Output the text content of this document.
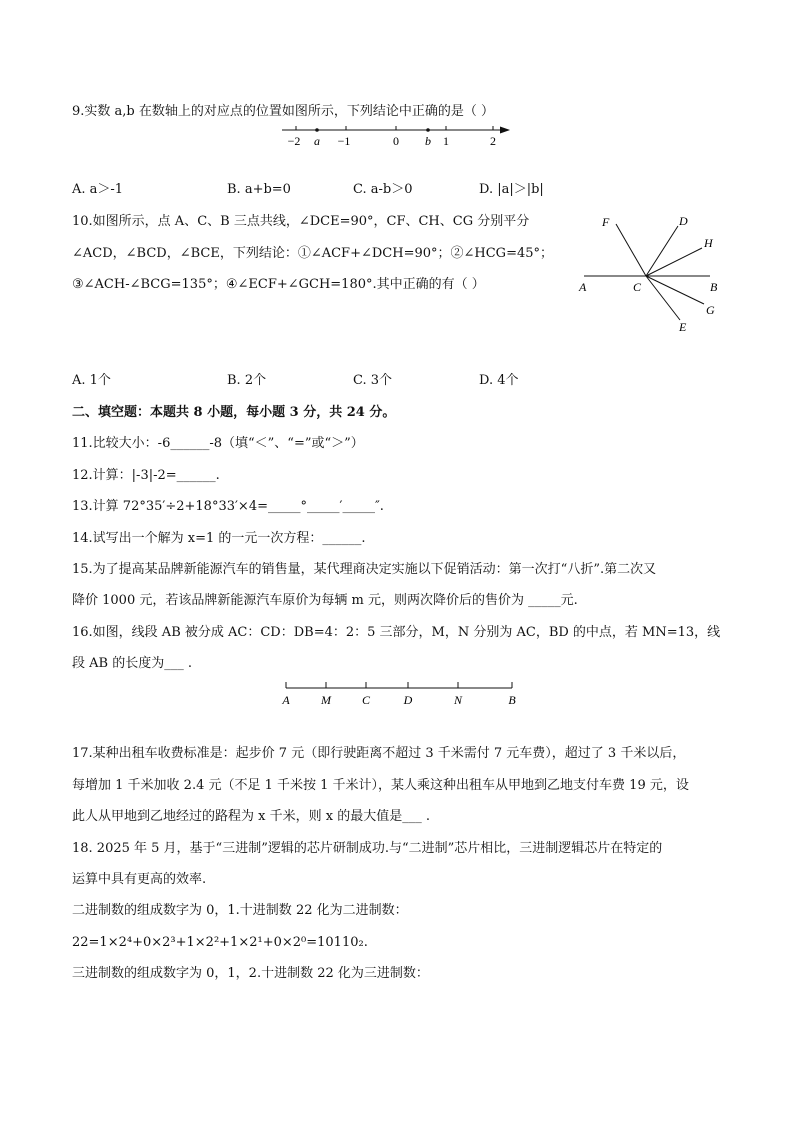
9.实数 a,b 在数轴上的对应点的位置如图所示，下列结论中正确的是（ ）
−2 a −1	0 b 1	2
A. a＞-1	B. a+b=0	C. a-b＞0	D. |a|＞|b|
10.如图所示，点 A、C、B 三点共线，∠DCE=90°，CF、CH、CG 分别平分
∠ACD，∠BCD，∠BCE，下列结论：①∠ACF+∠DCH=90°；②∠HCG=45°；
③∠ACH-∠BCG=135°；④∠ECF+∠GCH=180°.其中正确的有（ ）
F	D
H
A	C	B
G
E
A. 1个	B. 2个	C. 3个	D. 4个
二、填空题：本题共 8 小题，每小题 3 分，共 24 分。
11.比较大小：-6______-8（填“＜”、“=”或“＞”）
12.计算：|-3|-2=______.
13.计算 72°35′÷2+18°33′×4=_____°_____′_____″.
14.试写出一个解为 x=1 的一元一次方程：______.
15.为了提高某品牌新能源汽车的销售量，某代理商决定实施以下促销活动：第一次打“八折”.第二次又
降价 1000 元，若该品牌新能源汽车原价为每辆 m 元，则两次降价后的售价为 _____元.
16.如图，线段 AB 被分成 AC：CD：DB=4：2：5 三部分，M，N 分别为 AC，BD 的中点，若 MN=13，线
段 AB 的长度为___ .
A	M	C	D	N	B
17.某种出租车收费标准是：起步价 7 元（即行驶距离不超过 3 千米需付 7 元车费），超过了 3 千米以后，
每增加 1 千米加收 2.4 元（不足 1 千米按 1 千米计），某人乘这种出租车从甲地到乙地支付车费 19 元，设
此人从甲地到乙地经过的路程为 x 千米，则 x 的最大值是___ .
18. 2025 年 5 月，基于“三进制”逻辑的芯片研制成功.与“二进制”芯片相比，三进制逻辑芯片在特定的
运算中具有更高的效率.
二进制数的组成数字为 0，1.十进制数 22 化为二进制数：
22=1×2⁴+0×2³+1×2²+1×2¹+0×2⁰=10110₂.
三进制数的组成数字为 0，1，2.十进制数 22 化为三进制数：
